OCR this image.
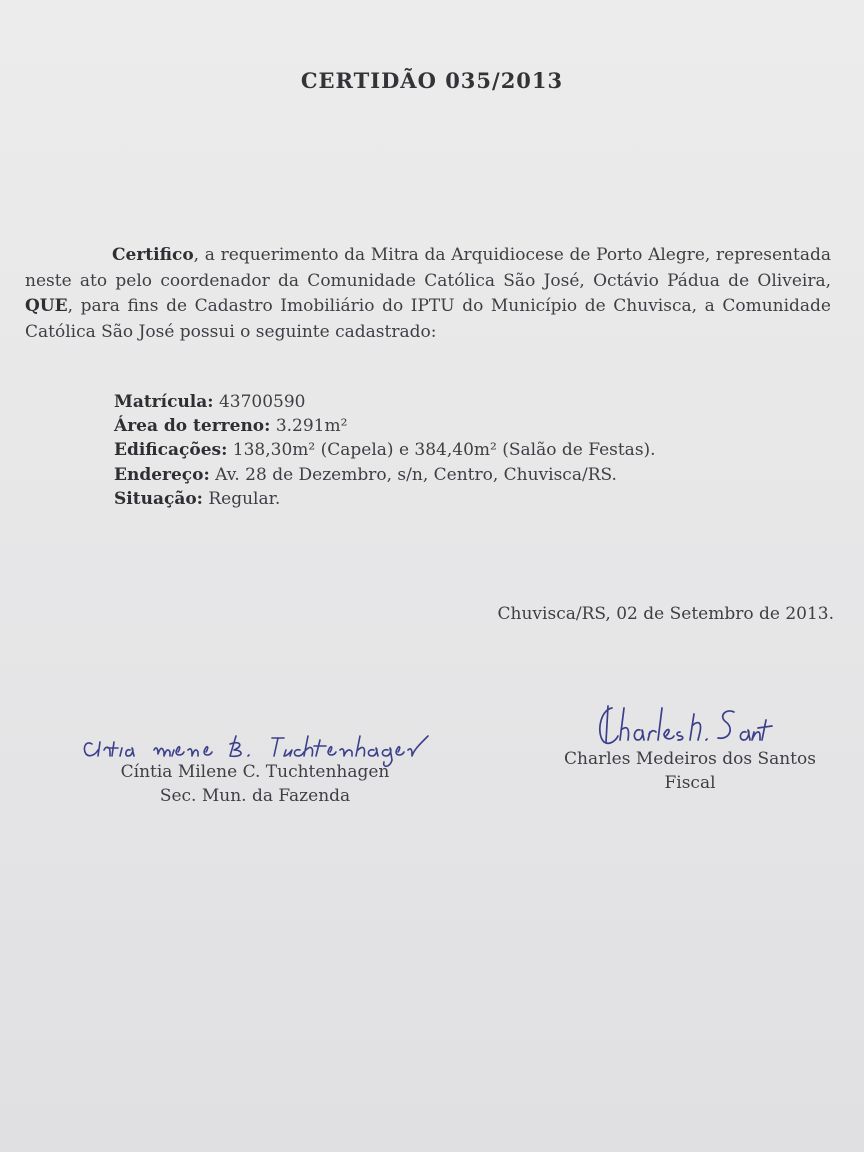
CERTIDÃO 035/2013
Certifico, a requerimento da Mitra da Arquidiocese de Porto Alegre, representada neste ato pelo coordenador da Comunidade Católica São José, Octávio Pádua de Oliveira, QUE, para fins de Cadastro Imobiliário do IPTU do Município de Chuvisca, a Comunidade Católica São José possui o seguinte cadastrado:
Matrícula: 43700590
Área do terreno: 3.291m²
Edificações: 138,30m² (Capela) e 384,40m² (Salão de Festas).
Endereço: Av. 28 de Dezembro, s/n, Centro, Chuvisca/RS.
Situação: Regular.
Chuvisca/RS, 02 de Setembro de 2013.
Cíntia Milene C. Tuchtenhagen
Sec. Mun. da Fazenda
Charles Medeiros dos Santos
Fiscal
